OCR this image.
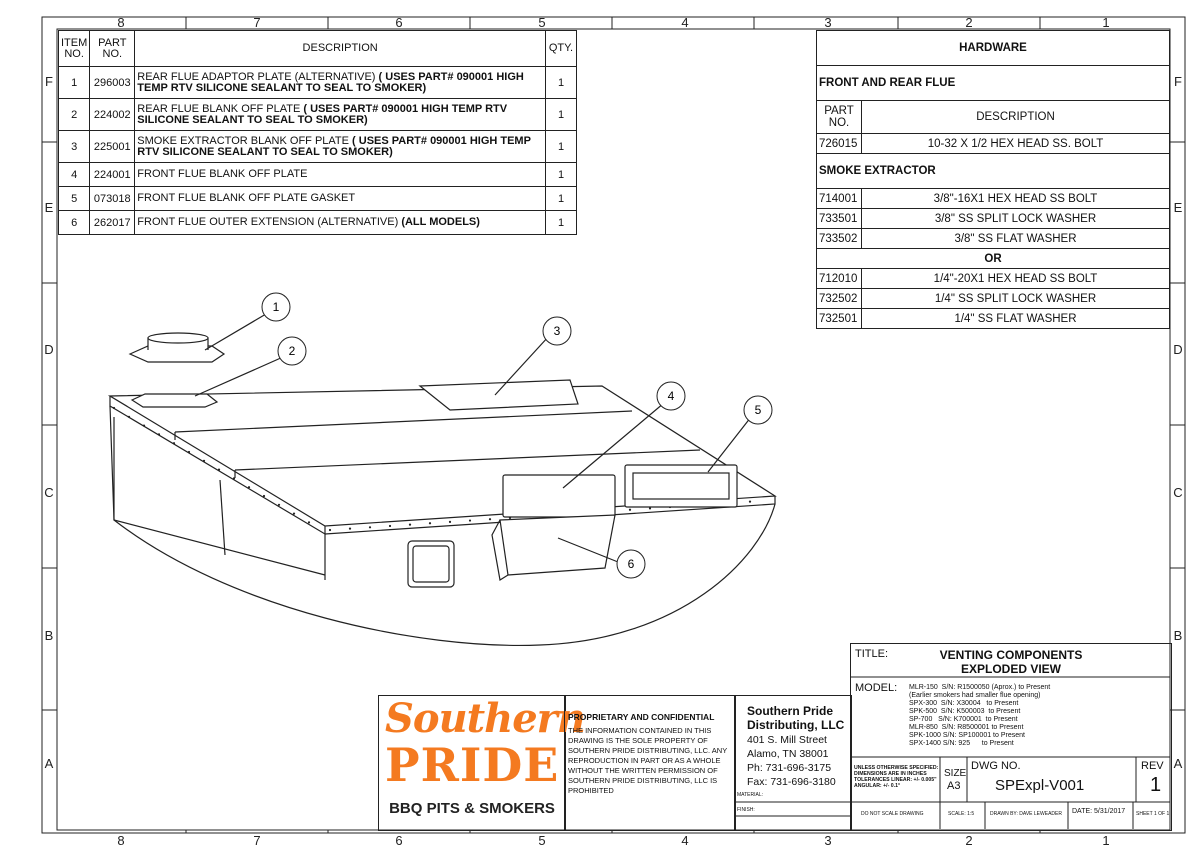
8
8
7
7
6
6
5
5
4
4
3
3
2
2
1
1
F	F
E	E
D	D
C	C
B	B
A	A
1
2
3
4
5
6
ITEM NO.	PART NO.	DESCRIPTION	QTY.
1	296003	REAR FLUE ADAPTOR PLATE (ALTERNATIVE) ( USES PART# 090001 HIGH TEMP RTV SILICONE SEALANT TO SEAL TO SMOKER)	1
2	224002	REAR FLUE BLANK OFF PLATE ( USES PART# 090001 HIGH TEMP RTV SILICONE SEALANT TO SEAL TO SMOKER)	1
3	225001	SMOKE EXTRACTOR BLANK OFF PLATE ( USES PART# 090001 HIGH TEMP RTV SILICONE SEALANT TO SEAL TO SMOKER)	1
4	224001	FRONT FLUE BLANK OFF PLATE	1
5	073018	FRONT FLUE BLANK OFF PLATE GASKET	1
6	262017	FRONT FLUE OUTER EXTENSION (ALTERNATIVE) (ALL MODELS)	1
HARDWARE	
FRONT AND REAR FLUE	
PART NO.	DESCRIPTION
726015	10-32 X 1/2 HEX HEAD SS. BOLT
SMOKE EXTRACTOR	
714001	3/8"-16X1 HEX HEAD SS BOLT
733501	3/8" SS SPLIT LOCK WASHER
733502	3/8" SS FLAT WASHER
OR	
712010	1/4"-20X1 HEX HEAD SS BOLT
732502	1/4" SS SPLIT LOCK WASHER
732501	1/4" SS FLAT WASHER
Southern
PRIDE
BBQ PITS & SMOKERS
PROPRIETARY AND CONFIDENTIAL
THE INFORMATION CONTAINED IN THIS DRAWING IS THE SOLE PROPERTY OF SOUTHERN PRIDE DISTRIBUTING, LLC. ANY REPRODUCTION IN PART OR AS A WHOLE WITHOUT THE WRITTEN PERMISSION OF SOUTHERN PRIDE DISTRIBUTING, LLC IS PROHIBITED
Southern Pride
Distributing, LLC
401 S. Mill Street
Alamo, TN 38001
Ph: 731-696-3175
Fax: 731-696-3180
MATERIAL:
FINISH:
TITLE:	VENTING COMPONENTS
EXPLODED VIEW
MODEL: MLR-150  S/N: R1500050 (Aprox.) to Present
(Earlier smokers had smaller flue opening)
SPX-300  S/N: X30004   to Present
SPK-500  S/N: K500003  to Present
SP-700   S/N: K700001  to Present
MLR-850  S/N: R8500001 to Present
SPK-1000 S/N: SP100001 to Present
SPX-1400 S/N: 925      to Present
UNLESS OTHERWISE SPECIFIED: DIMENSIONS ARE IN INCHES TOLERANCES LINEAR: +/- 0.005" ANGULAR: +/- 0.1°
SIZE
A3
DWG NO.
SPExpl-V001
REV
1
DO NOT SCALE DRAWING	SCALE: 1:5	DRAWN BY: DAVE LEWEADER DATE: 5/31/2017 SHEET 1 OF 1
